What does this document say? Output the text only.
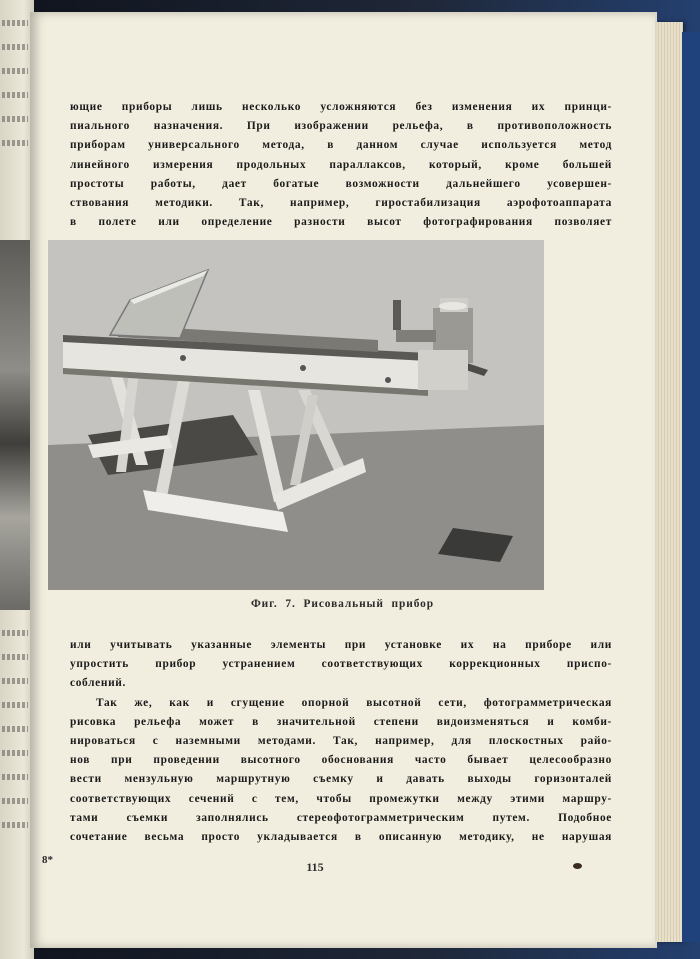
ющие приборы лишь несколько усложняются без изменения их принци-

пиального назначения. При изображении рельефа, в противоположность

приборам универсального метода, в данном случае используется метод

линейного измерения продольных параллаксов, который, кроме большей

простоты работы, дает богатые возможности дальнейшего усовершен-

ствования методики. Так, например, гиростабилизация аэрофотоаппарата

в полете или определение разности высот фотографирования позволяет

Фиг. 7. Рисовальный прибор

или учитывать указанные элементы при установке их на приборе или

упростить прибор устранением соответствующих коррекционных приспо-

соблений.

Так же, как и сгущение опорной высотной сети, фотограмметрическая

рисовка рельефа может в значительной степени видоизменяться и комби-

нироваться с наземными методами. Так, например, для плоскостных райо-

нов при проведении высотного обоснования часто бывает целесообразно

вести мензульную маршрутную съемку и давать выходы горизонталей

соответствующих сечений с тем, чтобы промежутки между этими маршру-

тами съемки заполнялись стереофотограмметрическим путем. Подобное

сочетание весьма просто укладывается в описанную методику, не нарушая

8*	115
